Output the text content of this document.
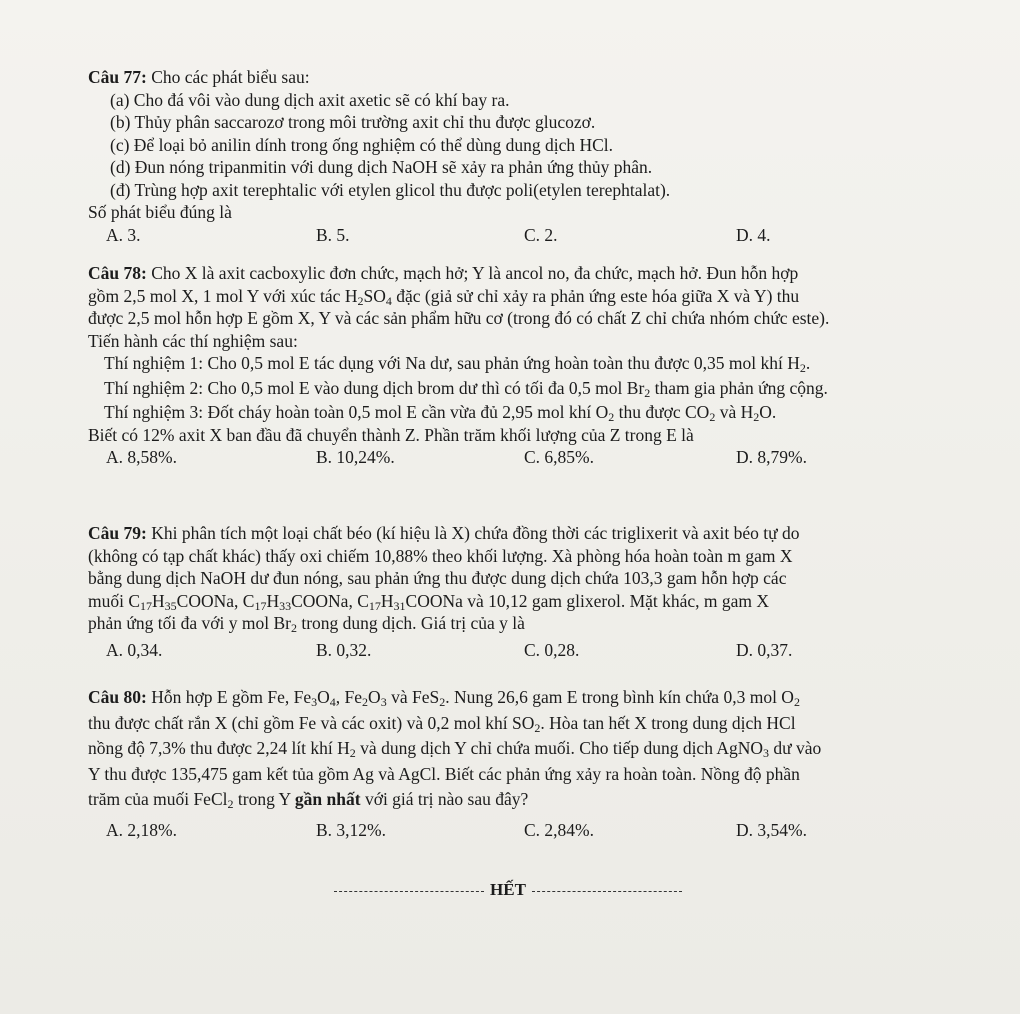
Câu 77: Cho các phát biểu sau:
(a) Cho đá vôi vào dung dịch axit axetic sẽ có khí bay ra.
(b) Thủy phân saccarozơ trong môi trường axit chỉ thu được glucozơ.
(c) Để loại bỏ anilin dính trong ống nghiệm có thể dùng dung dịch HCl.
(d) Đun nóng tripanmitin với dung dịch NaOH sẽ xảy ra phản ứng thủy phân.
(đ) Trùng hợp axit terephtalic với etylen glicol thu được poli(etylen terephtalat).
Số phát biểu đúng là
A. 3.	B. 5.	C. 2.	D. 4.
Câu 78: Cho X là axit cacboxylic đơn chức, mạch hở; Y là ancol no, đa chức, mạch hở. Đun hỗn hợp
gồm 2,5 mol X, 1 mol Y với xúc tác $H_2SO_4$ đặc (giả sử chỉ xảy ra phản ứng este hóa giữa X và Y) thu
được 2,5 mol hỗn hợp E gồm X, Y và các sản phẩm hữu cơ (trong đó có chất Z chỉ chứa nhóm chức este).
Tiến hành các thí nghiệm sau:
Thí nghiệm 1: Cho 0,5 mol E tác dụng với Na dư, sau phản ứng hoàn toàn thu được 0,35 mol khí $H_2$.
Thí nghiệm 2: Cho 0,5 mol E vào dung dịch brom dư thì có tối đa 0,5 mol $Br_2$ tham gia phản ứng cộng.
Thí nghiệm 3: Đốt cháy hoàn toàn 0,5 mol E cần vừa đủ 2,95 mol khí $O_2$ thu được $CO_2$ và $H_2O$.
Biết có 12% axit X ban đầu đã chuyển thành Z. Phần trăm khối lượng của Z trong E là
A. 8,58%.	B. 10,24%.	C. 6,85%.	D. 8,79%.
Câu 79: Khi phân tích một loại chất béo (kí hiệu là X) chứa đồng thời các triglixerit và axit béo tự do
(không có tạp chất khác) thấy oxi chiếm 10,88% theo khối lượng. Xà phòng hóa hoàn toàn m gam X
bằng dung dịch NaOH dư đun nóng, sau phản ứng thu được dung dịch chứa 103,3 gam hỗn hợp các
muối $C_{17}H_{35}COONa$, $C_{17}H_{33}COONa$, $C_{17}H_{31}COONa$ và 10,12 gam glixerol. Mặt khác, m gam X
phản ứng tối đa với y mol $Br_2$ trong dung dịch. Giá trị của y là
A. 0,34.	B. 0,32.	C. 0,28.	D. 0,37.
Câu 80: Hỗn hợp E gồm Fe, $Fe_3O_4$, $Fe_2O_3$ và FeS$_2$. Nung 26,6 gam E trong bình kín chứa 0,3 mol $O_2$
thu được chất rắn X (chỉ gồm Fe và các oxit) và 0,2 mol khí $SO_2$. Hòa tan hết X trong dung dịch HCl
nồng độ 7,3% thu được 2,24 lít khí $H_2$ và dung dịch Y chỉ chứa muối. Cho tiếp dung dịch AgNO$_3$ dư vào
Y thu được 135,475 gam kết tủa gồm Ag và AgCl. Biết các phản ứng xảy ra hoàn toàn. Nồng độ phần
trăm của muối FeCl$_2$ trong Y gần nhất với giá trị nào sau đây?
A. 2,18%.	B. 3,12%.	C. 2,84%.	D. 3,54%.
HẾT
